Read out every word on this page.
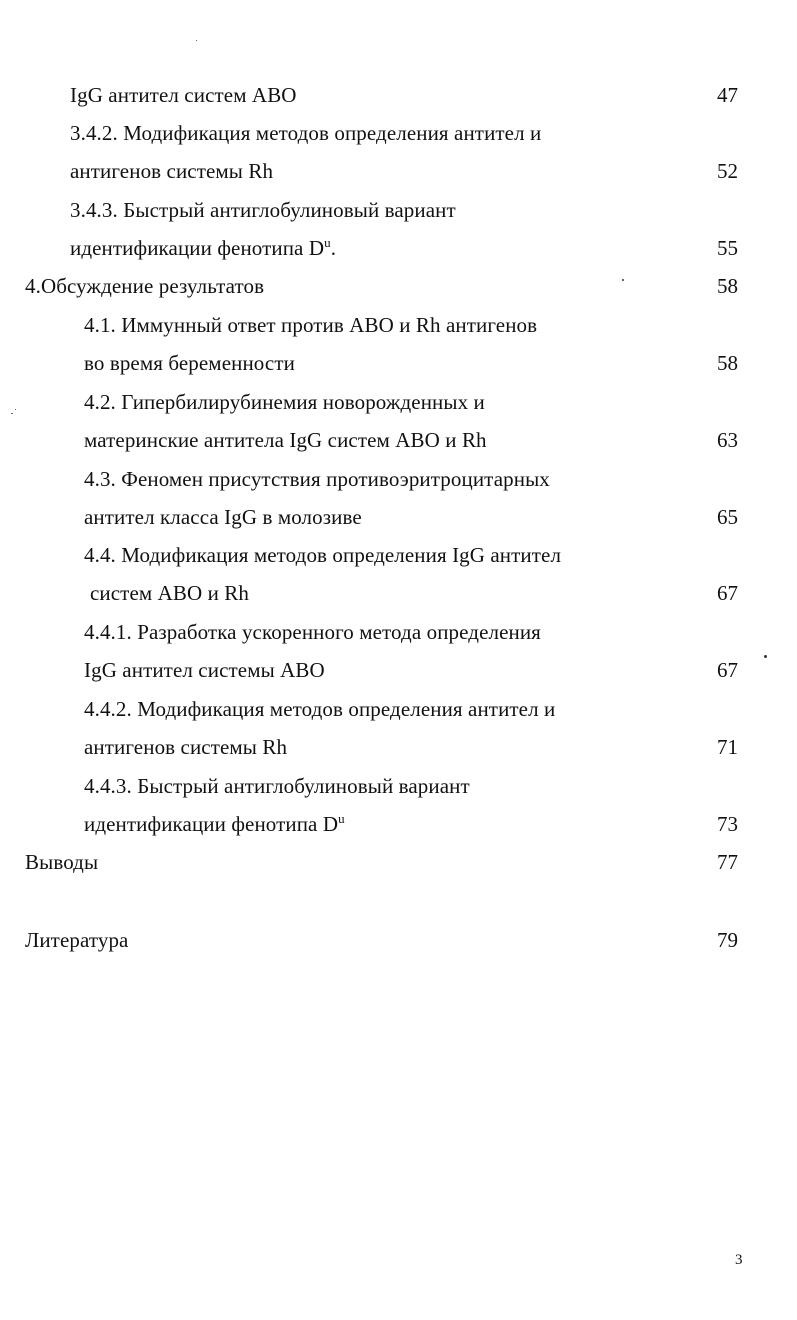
IgG антител систем АВО	47
3.4.2. Модификация методов определения антител и
антигенов системы Rh	52
3.4.3. Быстрый антиглобулиновый вариант
идентификации фенотипа $D^u$.	55
4.Обсуждение результатов	58
4.1. Иммунный ответ против АВО и Rh антигенов
во время беременности	58
4.2. Гипербилирубинемия новорожденных и
материнские антитела IgG систем АВО и Rh	63
4.3. Феномен присутствия противоэритроцитарных
антител класса IgG в молозиве	65
4.4. Модификация методов определения IgG антител
систем АВО и Rh	67
4.4.1. Разработка ускоренного метода определения
IgG антител системы АВО	67
4.4.2. Модификация методов определения антител и
антигенов системы Rh	71
4.4.3. Быстрый антиглобулиновый вариант
идентификации фенотипа $D^u$	73
Выводы	77
Литература	79
3
